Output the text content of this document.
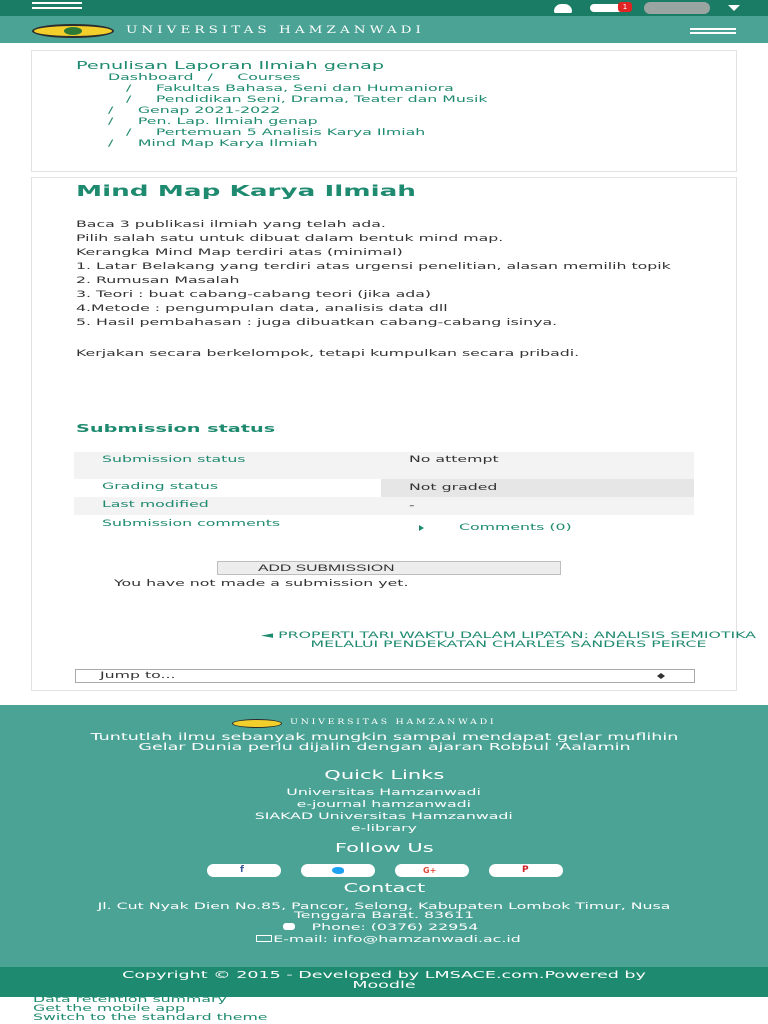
1
UNIVERSITAS HAMZANWADI
Penulisan Laporan Ilmiah genap
Dashboard /	Courses
/	Fakultas Bahasa, Seni dan Humaniora
/	Pendidikan Seni, Drama, Teater dan Musik
/	Genap 2021-2022
/	Pen. Lap. Ilmiah genap
/	Pertemuan 5 Analisis Karya Ilmiah
/	Mind Map Karya Ilmiah
Mind Map Karya Ilmiah

Baca 3 publikasi ilmiah yang telah ada.

Pilih salah satu untuk dibuat dalam bentuk mind map.

Kerangka Mind Map terdiri atas (minimal)

1. Latar Belakang yang terdiri atas urgensi penelitian, alasan memilih topik

2. Rumusan Masalah

3. Teori : buat cabang-cabang teori (jika ada)

4.Metode : pengumpulan data, analisis data dll

5. Hasil pembahasan : juga dibuatkan cabang-cabang isinya.

Kerjakan secara berkelompok, tetapi kumpulkan secara pribadi.

Submission status
Submission status	No attempt
Grading status	Not graded
Last modified	-
Submission comments	Comments (0)
ADD SUBMISSION
You have not made a submission yet.
◄ PROPERTI TARI WAKTU DALAM LIPATAN: ANALISIS SEMIOTIKA MELALUI PENDEKATAN CHARLES SANDERS PEIRCE
Jump to...
UNIVERSITAS HAMZANWADI
Tuntutlah ilmu sebanyak mungkin sampai mendapat gelar muflihin Gelar Dunia perlu dijalin dengan ajaran Robbul 'Aalamin
Quick Links
Universitas Hamzanwadi
e-journal hamzanwadi
SIAKAD Universitas Hamzanwadi
e-library
Follow Us
f
G+
P
Contact
Jl. Cut Nyak Dien No.85, Pancor, Selong, Kabupaten Lombok Timur, Nusa Tenggara Barat. 83611
Phone: (0376) 22954
E-mail: info@hamzanwadi.ac.id
Copyright © 2015 - Developed by LMSACE.com.Powered by Moodle
Data retention summary
Get the mobile app
Switch to the standard theme
